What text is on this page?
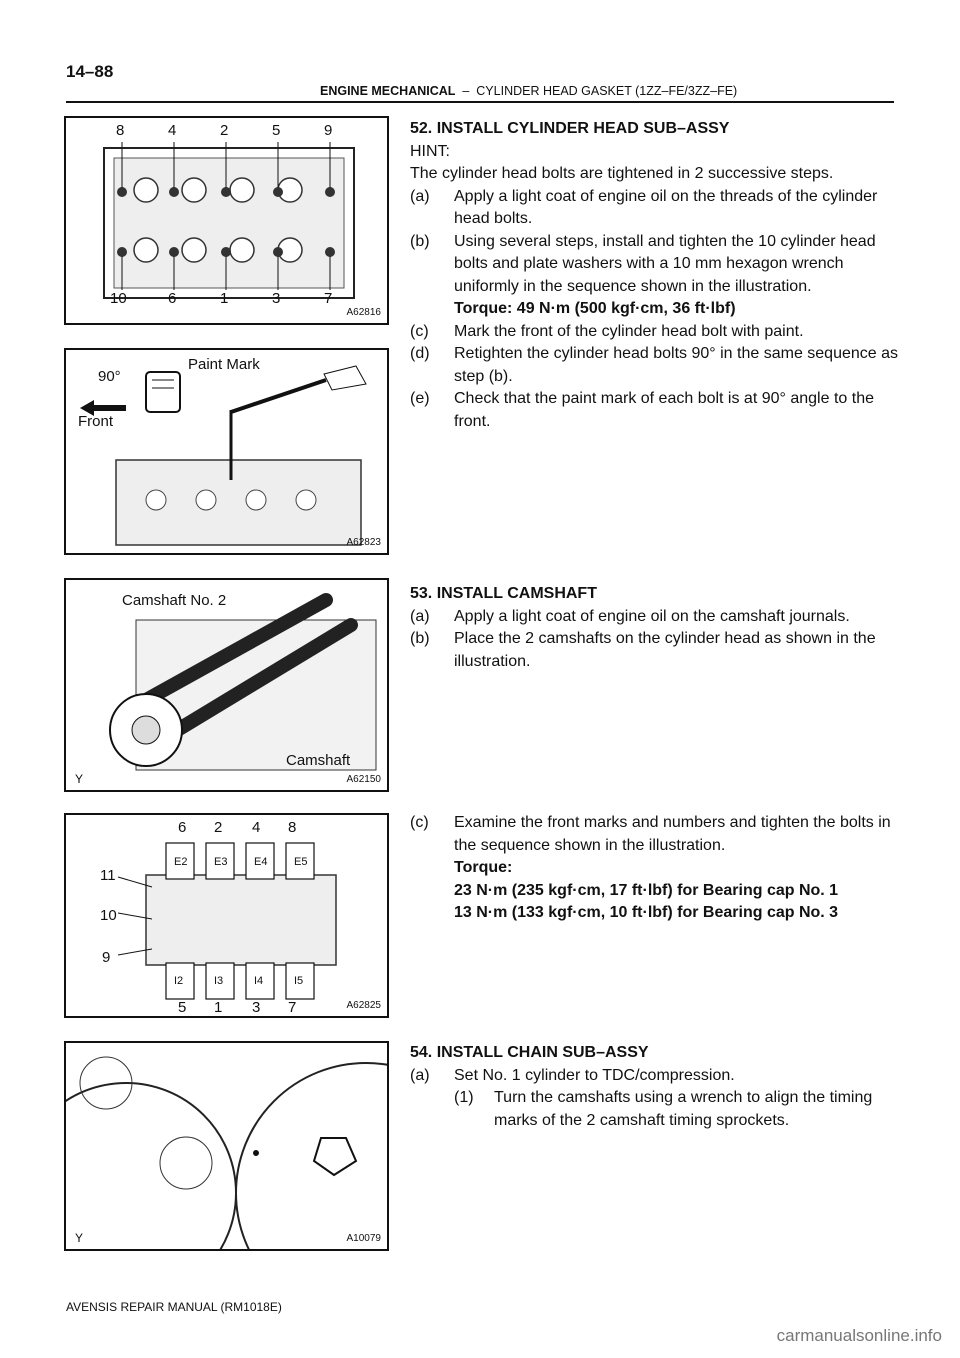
14–88
ENGINE MECHANICAL – CYLINDER HEAD GASKET (1ZZ–FE/3ZZ–FE)
8	4	2	5	9
10	6	1	3	7
A62816
90°
Paint Mark
Front
A62823
Camshaft No. 2
Camshaft
Y	A62150
6 2 4 8
E2 E3 E4 E5
I2	I3	I4	I5
5 1 3 7
11
10
9
A62825
Y	A10079

52. INSTALL CYLINDER HEAD SUB–ASSY

HINT:

The cylinder head bolts are tightened in 2 successive steps.

(a)	Apply a light coat of engine oil on the threads of the cylinder head bolts.
(b)	Using several steps, install and tighten the 10 cylinder head bolts and plate washers with a 10 mm hexagon wrench uniformly in the sequence shown in the illustration.
Torque: 49 N·m (500 kgf·cm, 36 ft·lbf)
(c)	Mark the front of the cylinder head bolt with paint.
(d)	Retighten the cylinder head bolts 90° in the same sequence as step (b).
(e)	Check that the paint mark of each bolt is at 90° angle to the front.

53. INSTALL CAMSHAFT

(a)	Apply a light coat of engine oil on the camshaft journals.
(b)	Place the 2 camshafts on the cylinder head as shown in the illustration.
(c)	Examine the front marks and numbers and tighten the bolts in the sequence shown in the illustration.
Torque:
23 N·m (235 kgf·cm, 17 ft·lbf) for Bearing cap No. 1
13 N·m (133 kgf·cm, 10 ft·lbf) for Bearing cap No. 3

54. INSTALL CHAIN SUB–ASSY

(a)	Set No. 1 cylinder to TDC/compression.
(1)	Turn the camshafts using a wrench to align the timing marks of the 2 camshaft timing sprockets.
AVENSIS REPAIR MANUAL (RM1018E)
carmanualsonline.info
